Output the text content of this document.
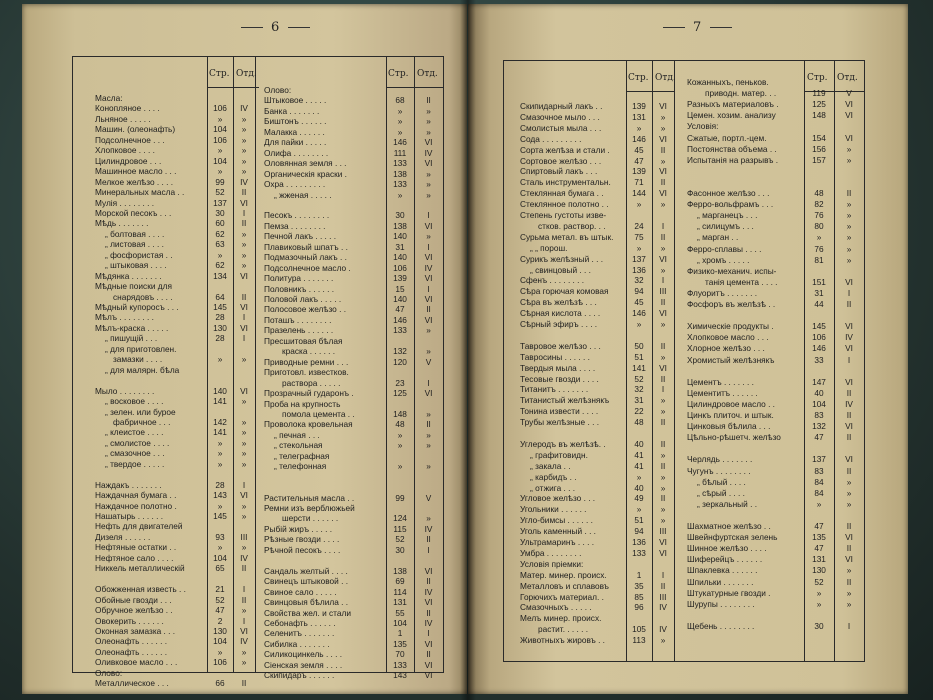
6	7
Стр. Отд.	Стр. Отд.
Масла:
Конопляное . . . .	106	IV
Льняное . . . . .	»	»
Машин. (олеонафть)	104	»
Подсолнечное . . .	106	»
Хлопковое . . . .	»	»
Цилиндровое . . .	104	»
Машинное масло . . .	»	»
Мелкое желѣзо . . . .	99	IV
Минеральных масла . .	52	II
Мулія . . . . . . . .	137	VI
Морской песокъ . . .	30	I
Мѣдь . . . . . . .	60	II
„ болтовая . . . .	62	»
„ листовая . . . .	63	»
„ фосфористая . .	»	»
„ штыковая . . . .	62	»
Мѣдянка . . . . . . .	134	VI
Мѣдные поиски для
снарядовъ . . . .	64	II
Мѣдный купоросъ . . .	145	VI
Мѣлъ . . . . . . . .	28	I
Мѣлъ-краска . . . . .	130	VI
„ пишущій . . .	28	I
„ для приготовлен.
замазки . . . .	»	»
„ для малярн. бѣла
Мыло . . . . . . . .	140	VI
„ восковое . . . .	141	»
„ зелен. или бурое
фабричное . . .	142	»
„ клеистое . . . .	141	»
„ смолистое . . . .	»	»
„ смазочное . . .	»	»
„ твердое . . . . .	»	»
Наждакъ . . . . . . .	28	I
Наждачная бумага . .	143	VI
Наждачное полотно .	»	»
Нашатырь . . . . . .	145	»
Нефть для двигателей
Дизеля . . . . . .	93	III
Нефтяные остатки . .	»	»
Нефтяное сало . . . .	104	IV
Никкель металлическій	65	II
Обожженная известь . .	21	I
Обойные гвозди . . .	52	II
Обручное желѣзо . .	47	»
Овокерить . . . . . .	2	I
Оконная замазка . . .	130	VI
Олеонафть . . . . . .	104	IV
Олеонафть . . . . . .	»	»
Оливковое масло . . .	106	»
Олово:
Металлическое . . .	66	II
Олово:
Штыковое . . . . .	68	II
Банка . . . . . . .	»	»
Биштонъ . . . . . .	»	»
Малакка . . . . . .	»	»
Для пайки . . . . .	146	VI
Олифа . . . . . . . .	111	IV
Оловянная земля . . .	133	VI
Органическія краски .	138	»
Охра . . . . . . . . .	133	»
„ жженая . . . . .	»	»
Песокъ . . . . . . . .	30	I
Пемза . . . . . . . .	138	VI
Печной лакъ . . . . .	140	»
Плавиковый шпатъ . .	31	I
Подмазочный лакъ . .	140	VI
Подсолнечное масло .	106	IV
Политура . . . . . . .	139	VI
Половникъ . . . . . .	15	I
Половой лакъ . . . . .	140	VI
Полосовое желѣзо . .	47	II
Поташъ . . . . . . . .	146	VI
Празелень . . . . . .	133	»
Пресшитовая бѣлая
краска . . . . . .	132	»
Приводные ремни . . .	120	V
Приготовл. известков.
раствора . . . . .	23	I
Прозрачный гударонъ .	125	VI
Проба на крупность
помола цемента . .	148	»
Проволока кровельная	48	II
„ печная . . .	»	»
„ стекольная	»	»
„ телеграфная
„ телефонная	»	»
Растительныя масла . .	99	V
Ремни изъ верблюжьей
шерсти . . . . . .	124	»
Рыбій жиръ . . . . .	115	IV
Рѣзные гвозди . . . .	52	II
Рѣчной песокъ . . . .	30	I
Сандаль желтый . . . .	138	VI
Свинецъ штыковой . .	69	II
Свиное сало . . . . .	114	IV
Свинцовыя бѣлила . .	131	VI
Свойства жел. и стали	55	II
Себонафть . . . . . .	104	IV
Селенитъ . . . . . . .	1	I
Сибилка . . . . . . .	135	VI
Силикоцинкель . . . .	70	II
Сіенская земля . . . .	133	VI
Скипидаръ . . . . . .	143	VI
Стр. Отд.	Стр. Отд.
Скипидарный лакъ . .	139	VI
Смазочное мыло . . .	131	»
Смолистыя мыла . . .	»	»
Сода . . . . . . . . .	146	VI
Сорта желѣза и стали .	45	II
Сортовое желѣзо . . .	47	»
Спиртовый лакъ . . .	139	VI
Сталь инструментальн.	71	II
Стеклянная бумага . .	144	VI
Стеклянное полотно . .	»	»
Степень густоты изве-
стков. раствор. . .	24	I
Сурьма метал. въ штык.	75	II
„ „ порош.	»	»
Сурикъ желѣзный . . .	137	VI
„ свинцовый . . .	136	»
Сфенъ . . . . . . . .	32	I
Сѣра горючая комовая	94	III
Сѣра въ желѣзѣ . . .	45	II
Сѣрная кислота . . . .	146	VI
Сѣрный эфиръ . . . .	»	»
Тавровое желѣзо . . .	50	II
Тавросины . . . . . .	51	»
Твердыя мыла . . . .	141	VI
Тесовые гвозди . . . .	52	II
Титанитъ . . . . . . .	32	I
Титанистый желѣзнякъ	31	»
Тонина извести . . . .	22	»
Трубы желѣзные . . .	48	II
Углеродъ въ желѣзѣ. .	40	II
„ графитовидн.	41	»
„ закала . .	41	II
„ карбидъ . .	»	»
„ отжига . . .	40	»
Угловое желѣзо . . .	49	II
Угольники . . . . . .	»	»
Угло-бимсы . . . . . .	51	»
Уголь каменный . . .	94	III
Ультрамаринъ . . . .	136	VI
Умбра . . . . . . . .	133	VI
Условія пріемки:
Матер. минер. происх.	1	I
Металловъ и сплавовъ	35	II
Горючихъ материал. .	85	III
Смазочныхъ . . . . .	96	IV
Мелъ минер. происх.
растит. . . . . .	105	IV
Животныхъ жировъ . .	113	»
Кожанныхъ, пеньков.
приводн. матер. . .	119	V
Разныхъ материаловъ .	125	VI
Цемен. хозим. анализу	148	VI
Условія:
Сжатые, портл.-цем.	154	VI
Постоянства объема . .	156	»
Испытанія на разрывъ .	157	»
Фасонное желѣзо . . .	48	II
Ферро-вольфрамъ . . .	82	»
„ марганецъ . . .	76	»
„ силицумъ . . .	80	»
„ марган . .	»	»
Ферро-сплавы . . . .	76	»
„ хромъ . . . . .	81	»
Физико-механич. испы-
танія цемента . . . .	151	VI
Флуоритъ . . . . . . .	31	I
Фосфоръ въ желѣзѣ . .	44	II
Химическіе продукты .	145	VI
Хлопковое масло . . .	106	IV
Хлорное желѣзо . . .	146	VI
Хромистый желѣзнякъ	33	I
Цементъ . . . . . . .	147	VI
Цементитъ . . . . . .	40	II
Цилиндровое масло . .	104	IV
Цинкъ плиточ. и штык.	83	II
Цинковыя бѣлила . . .	132	VI
Цѣльно-рѣшетч. желѣзо	47	II
Черлядь . . . . . . .	137	VI
Чугунъ . . . . . . . .	83	II
„ бѣлый . . . .	84	»
„ сѣрый . . . .	84	»
„ зеркальный . .	»	»
Шахматное желѣзо . .	47	II
Швейнфуртская зелень	135	VI
Шинное желѣзо . . . .	47	II
Шиферейцъ . . . . . .	131	VI
Шпаклевка . . . . . .	130	»
Шпильки . . . . . . .	52	II
Штукатурные гвозди .	»	»
Шурупы . . . . . . . .	»	»
Щебень . . . . . . . .	30	I
